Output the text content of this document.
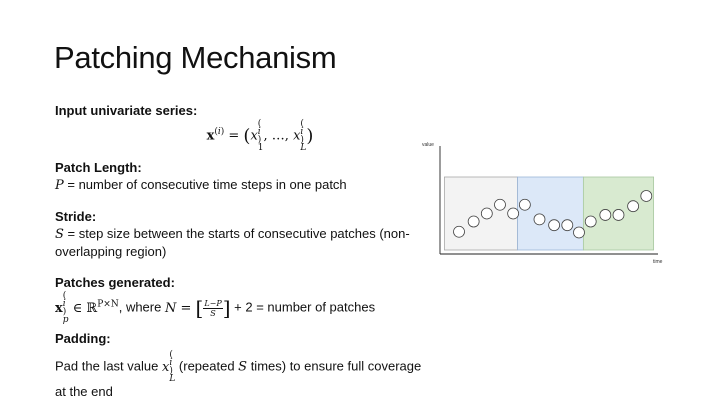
Patching Mechanism
Input univariate series:
$x^{(i)} = (x$
(
i
)
1
, …, x
(
i
)
L
)
Patch Length:
P = number of consecutive time steps in one patch
Stride:
S = step size between the starts of consecutive patches (non-overlapping region)
Patches generated:
x
(
i
)
p
∈ ℝ$^{P\times N}$, where N = [ $\frac{L-P}{S}$ ] + 2 = number of patches
Padding:
Pad the last value x
(
i
)
L
(repeated S times) to ensure full coverage at the end
value
time
